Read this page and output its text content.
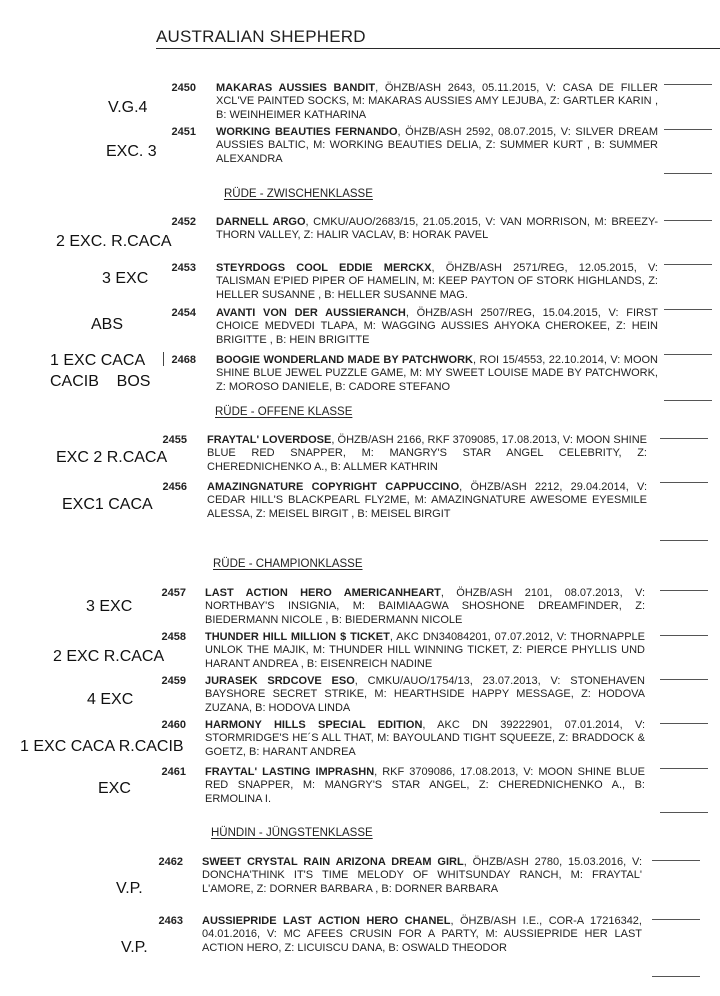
AUSTRALIAN SHEPHERD
RÜDE - ZWISCHENKLASSE
RÜDE - OFFENE KLASSE
RÜDE - CHAMPIONKLASSE
HÜNDIN - JÜNGSTENKLASSE
2450 MAKARAS AUSSIES BANDIT, ÖHZB/ASH 2643, 05.11.2015, V: CASA DE FILLER XCL'VE PAINTED SOCKS, M: MAKARAS AUSSIES AMY LEJUBA, Z: GARTLER KARIN , B: WEINHEIMER KATHARINA
V.G.4
2451 WORKING BEAUTIES FERNANDO, ÖHZB/ASH 2592, 08.07.2015, V: SILVER DREAM AUSSIES BALTIC, M: WORKING BEAUTIES DELIA, Z: SUMMER KURT , B: SUMMER ALEXANDRA
EXC. 3
2452 DARNELL ARGO, CMKU/AUO/2683/15, 21.05.2015, V: VAN MORRISON, M: BREEZY-THORN VALLEY, Z: HALIR VACLAV, B: HORAK PAVEL
2 EXC. R.CACA
2453 STEYRDOGS COOL EDDIE MERCKX, ÖHZB/ASH 2571/REG, 12.05.2015, V: TALISMAN E'PIED PIPER OF HAMELIN, M: KEEP PAYTON OF STORK HIGHLANDS, Z: HELLER SUSANNE , B: HELLER SUSANNE MAG.
3 EXC
2454 AVANTI VON DER AUSSIERANCH, ÖHZB/ASH 2507/REG, 15.04.2015, V: FIRST CHOICE MEDVEDI TLAPA, M: WAGGING AUSSIES AHYOKA CHEROKEE, Z: HEIN BRIGITTE , B: HEIN BRIGITTE
ABS
2468 BOOGIE WONDERLAND MADE BY PATCHWORK, ROI 15/4553, 22.10.2014, V: MOON SHINE BLUE JEWEL PUZZLE GAME, M: MY SWEET LOUISE MADE BY PATCHWORK, Z: MOROSO DANIELE, B: CADORE STEFANO
1 EXC CACA
CACIB    BOS
2455 FRAYTAL' LOVERDOSE, ÖHZB/ASH 2166, RKF 3709085, 17.08.2013, V: MOON SHINE BLUE RED SNAPPER, M: MANGRY'S STAR ANGEL CELEBRITY, Z: CHEREDNICHENKO A., B: ALLMER KATHRIN
EXC 2 R.CACA
2456 AMAZINGNATURE COPYRIGHT CAPPUCCINO, ÖHZB/ASH 2212, 29.04.2014, V: CEDAR HILL'S BLACKPEARL FLY2ME, M: AMAZINGNATURE AWESOME EYESMILE ALESSA, Z: MEISEL BIRGIT , B: MEISEL BIRGIT
EXC1 CACA
2457 LAST ACTION HERO AMERICANHEART, ÖHZB/ASH 2101, 08.07.2013, V: NORTHBAY'S INSIGNIA, M: BAIMIAAGWA SHOSHONE DREAMFINDER, Z: BIEDERMANN NICOLE , B: BIEDERMANN NICOLE
3 EXC
2458 THUNDER HILL MILLION $ TICKET, AKC DN34084201, 07.07.2012, V: THORNAPPLE UNLOK THE MAJIK, M: THUNDER HILL WINNING TICKET, Z: PIERCE PHYLLIS UND HARANT ANDREA , B: EISENREICH NADINE
2 EXC R.CACA
2459 JURASEK SRDCOVE ESO, CMKU/AUO/1754/13, 23.07.2013, V: STONEHAVEN BAYSHORE SECRET STRIKE, M: HEARTHSIDE HAPPY MESSAGE, Z: HODOVA ZUZANA, B: HODOVA LINDA
4 EXC
2460 HARMONY HILLS SPECIAL EDITION, AKC DN 39222901, 07.01.2014, V: STORMRIDGE'S HE´S ALL THAT, M: BAYOULAND TIGHT SQUEEZE, Z: BRADDOCK & GOETZ, B: HARANT ANDREA
1 EXC CACA R.CACIB
2461 FRAYTAL' LASTING IMPRASHN, RKF 3709086, 17.08.2013, V: MOON SHINE BLUE RED SNAPPER, M: MANGRY'S STAR ANGEL, Z: CHEREDNICHENKO A., B: ERMOLINA I.
EXC
2462 SWEET CRYSTAL RAIN ARIZONA DREAM GIRL, ÖHZB/ASH 2780, 15.03.2016, V: DONCHA'THINK IT'S TIME MELODY OF WHITSUNDAY RANCH, M: FRAYTAL' L'AMORE, Z: DORNER BARBARA , B: DORNER BARBARA
V.P.
2463 AUSSIEPRIDE LAST ACTION HERO CHANEL, ÖHZB/ASH I.E., COR-A 17216342, 04.01.2016, V: MC AFEES CRUSIN FOR A PARTY, M: AUSSIEPRIDE HER LAST ACTION HERO, Z: LICUISCU DANA, B: OSWALD THEODOR
V.P.
